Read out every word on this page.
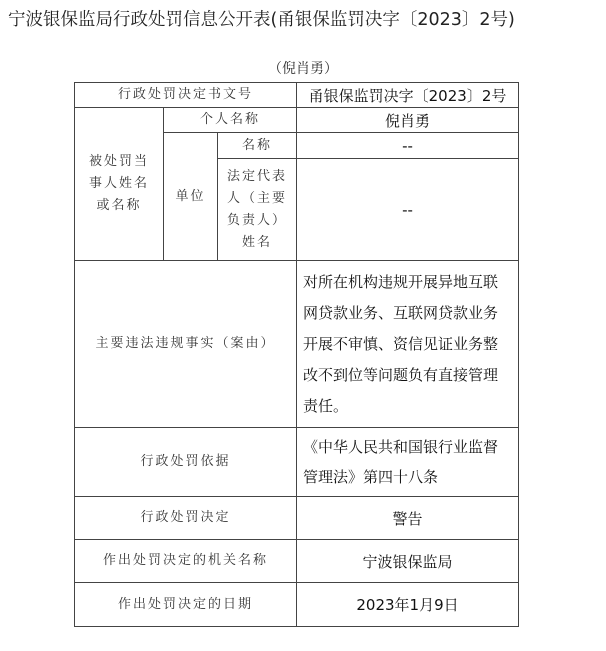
宁波银保监局行政处罚信息公开表(甬银保监罚决字〔2023〕2号)
（倪肖勇）
行政处罚决定书文号			甬银保监罚决字〔2023〕2号
被处罚当事人姓名或名称	个人名称		倪肖勇
	单位	名称	--

		法定代表人（主要负责人）姓名	--
主要违法违规事实（案由）			对所在机构违规开展异地互联网贷款业务、互联网贷款业务开展不审慎、资信见证业务整改不到位等问题负有直接管理责任。
行政处罚依据			《中华人民共和国银行业监督管理法》第四十八条
行政处罚决定			警告
作出处罚决定的机关名称			宁波银保监局
作出处罚决定的日期			2023年1月9日
